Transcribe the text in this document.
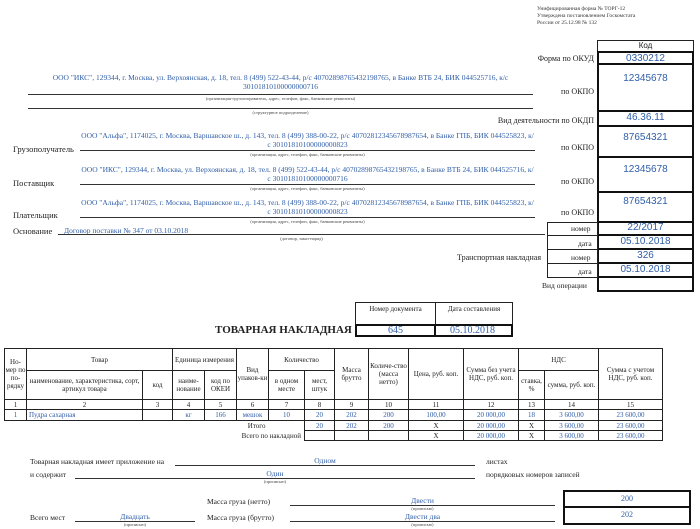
Унифицированная форма № ТОРГ-12
Утверждена постановлением Госкомстата
России от 25.12.98 № 132
Код
0330212
Форма по ОКУД
12345678
по ОКПО
46.36.11
Вид деятельности по ОКДП
87654321
по ОКПО
12345678
по ОКПО
87654321
по ОКПО
22/2017
05.10.2018
326
05.10.2018
номер
дата
номер
дата
Транспортная накладная
Вид операции
ООО "ИКС", 129344, г. Москва, ул. Верхоянская, д. 18, тел. 8 (499) 522-43-44, р/с 40702898765432198765, в Банке ВТБ 24, БИК 044525716, к/с 30101810100000000716
(организация-грузоотправитель, адрес, телефон, факс, банковские реквизиты)
(структурное подразделение)
Грузополучатель
ООО "Альфа", 1174025, г. Москва, Варшавское ш., д. 143, тел. 8 (499) 388-00-22, р/с 40702812345678987654, в Банке ГПБ, БИК 044525823, к/с 30101810100000000823
(организация, адрес, телефон, факс, банковские реквизиты)
Поставщик
ООО "ИКС", 129344, г. Москва, ул. Верхоянская, д. 18, тел. 8 (499) 522-43-44, р/с 40702898765432198765, в Банке ВТБ 24, БИК 044525716, к/с 30101810100000000716
(организация, адрес, телефон, факс, банковские реквизиты)
Плательщик
ООО "Альфа", 1174025, г. Москва, Варшавское ш., д. 143, тел. 8 (499) 388-00-22, р/с 40702812345678987654, в Банке ГПБ, БИК 044525823, к/с 30101810100000000823
(организация, адрес, телефон, факс, банковские реквизиты)
Основание Договор поставки № 347 от 03.10.2018
(договор, заказ-наряд)
ТОВАРНАЯ НАКЛАДНАЯ
Номер документа	Дата составления
645	05.10.2018
Но-мер по по-рядку	Товар		Единица измерения		Вид упаков-ки	Количество		Масса брутто	Количе-ство (масса нетто)	Цена, руб. коп.	Сумма без учета НДС, руб. коп.	НДС		Сумма с учетом НДС, руб. коп.
	наименование, характеристика, сорт, артикул товара	код	наиме-нование	код по ОКЕИ		в одном месте	мест, штук					ставка, %	сумма, руб. коп.	
1	2	3	4	5	6	7	8	9	10	11	12	13	14	15
1	Пудра сахарная		кг	166	мешок	10	20	202	200	100,00	20 000,00	18	3 600,00	23 600,00
Итого							20	202	200	X	20 000,00	X	3 600,00	23 600,00
Всего по накладной										X	20 000,00	X	3 600,00	23 600,00
Товарная накладная имеет приложение на	Одном	листах
и содержит	Один
(прописью)
порядковых номеров записей
Масса груза (нетто)	Двести
(прописью)
200
Всего мест	Двадцать
(прописью)
Масса груза (брутто)	Двести два
(прописью)
202
